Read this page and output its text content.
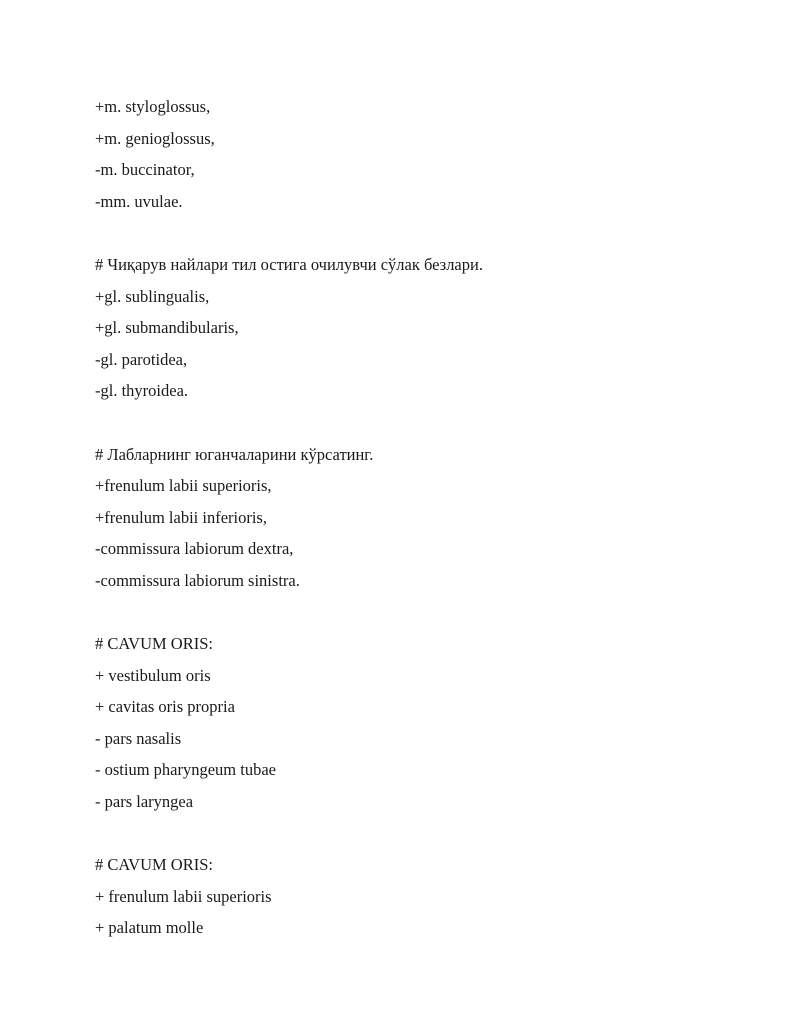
+m. styloglossus,
+m. genioglossus,
-m. buccinator,
-mm. uvulae.
# Чиқарув найлари тил остига очилувчи сўлак безлари.
+gl. sublingualis,
+gl. submandibularis,
-gl. parotidea,
-gl. thyroidea.
# Лабларнинг юганчаларини кўрсатинг.
+frenulum labii superioris,
+frenulum labii inferioris,
-commissura labiorum dextra,
-commissura labiorum sinistra.
# CAVUM ORIS:
+ vestibulum oris
+ cavitas oris propria
- pars nasalis
- ostium pharyngeum tubae
- pars laryngea
# CAVUM ORIS:
+ frenulum labii superioris
+ palatum molle
